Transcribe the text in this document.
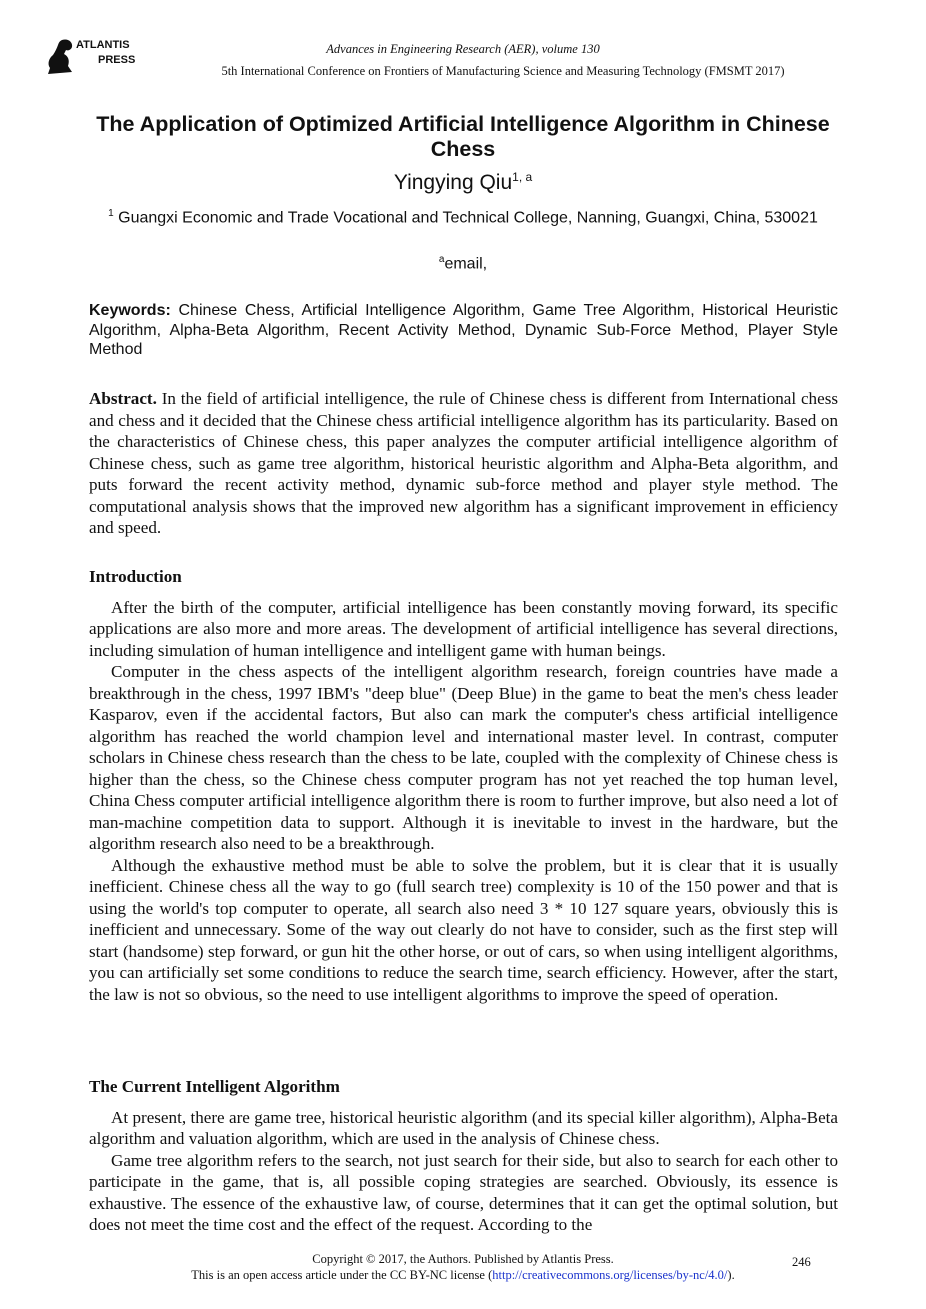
ATLANTIS
PRESS
Advances in Engineering Research (AER), volume 130
5th International Conference on Frontiers of Manufacturing Science and Measuring Technology (FMSMT 2017)
The Application of Optimized Artificial Intelligence Algorithm in Chinese Chess
Yingying Qiu$^{1, a}$
$^1$ Guangxi Economic and Trade Vocational and Technical College, Nanning, Guangxi, China, 530021
$^a$email,
Keywords: Chinese Chess, Artificial Intelligence Algorithm, Game Tree Algorithm, Historical Heuristic Algorithm, Alpha-Beta Algorithm, Recent Activity Method, Dynamic Sub-Force Method, Player Style Method

Abstract. In the field of artificial intelligence, the rule of Chinese chess is different from International chess and chess and it decided that the Chinese chess artificial intelligence algorithm has its particularity. Based on the characteristics of Chinese chess, this paper analyzes the computer artificial intelligence algorithm of Chinese chess, such as game tree algorithm, historical heuristic algorithm and Alpha-Beta algorithm, and puts forward the recent activity method, dynamic sub-force method and player style method. The computational analysis shows that the improved new algorithm has a significant improvement in efficiency and speed.

Introduction

After the birth of the computer, artificial intelligence has been constantly moving forward, its specific applications are also more and more areas. The development of artificial intelligence has several directions, including simulation of human intelligence and intelligent game with human beings.

Computer in the chess aspects of the intelligent algorithm research, foreign countries have made a breakthrough in the chess, 1997 IBM's "deep blue" (Deep Blue) in the game to beat the men's chess leader Kasparov, even if the accidental factors, But also can mark the computer's chess artificial intelligence algorithm has reached the world champion level and international master level. In contrast, computer scholars in Chinese chess research than the chess to be late, coupled with the complexity of Chinese chess is higher than the chess, so the Chinese chess computer program has not yet reached the top human level, China Chess computer artificial intelligence algorithm there is room to further improve, but also need a lot of man-machine competition data to support. Although it is inevitable to invest in the hardware, but the algorithm research also need to be a breakthrough.

Although the exhaustive method must be able to solve the problem, but it is clear that it is usually inefficient. Chinese chess all the way to go (full search tree) complexity is 10 of the 150 power and that is using the world's top computer to operate, all search also need 3 * 10 127 square years, obviously this is inefficient and unnecessary. Some of the way out clearly do not have to consider, such as the first step will start (handsome) step forward, or gun hit the other horse, or out of cars, so when using intelligent algorithms, you can artificially set some conditions to reduce the search time, search efficiency. However, after the start, the law is not so obvious, so the need to use intelligent algorithms to improve the speed of operation.

The Current Intelligent Algorithm

At present, there are game tree, historical heuristic algorithm (and its special killer algorithm), Alpha-Beta algorithm and valuation algorithm, which are used in the analysis of Chinese chess.

Game tree algorithm refers to the search, not just search for their side, but also to search for each other to participate in the game, that is, all possible coping strategies are searched. Obviously, its essence is exhaustive. The essence of the exhaustive law, of course, determines that it can get the optimal solution, but does not meet the time cost and the effect of the request. According to the

Copyright © 2017, the Authors. Published by Atlantis Press.
This is an open access article under the CC BY-NC license (http://creativecommons.org/licenses/by-nc/4.0/).
246
